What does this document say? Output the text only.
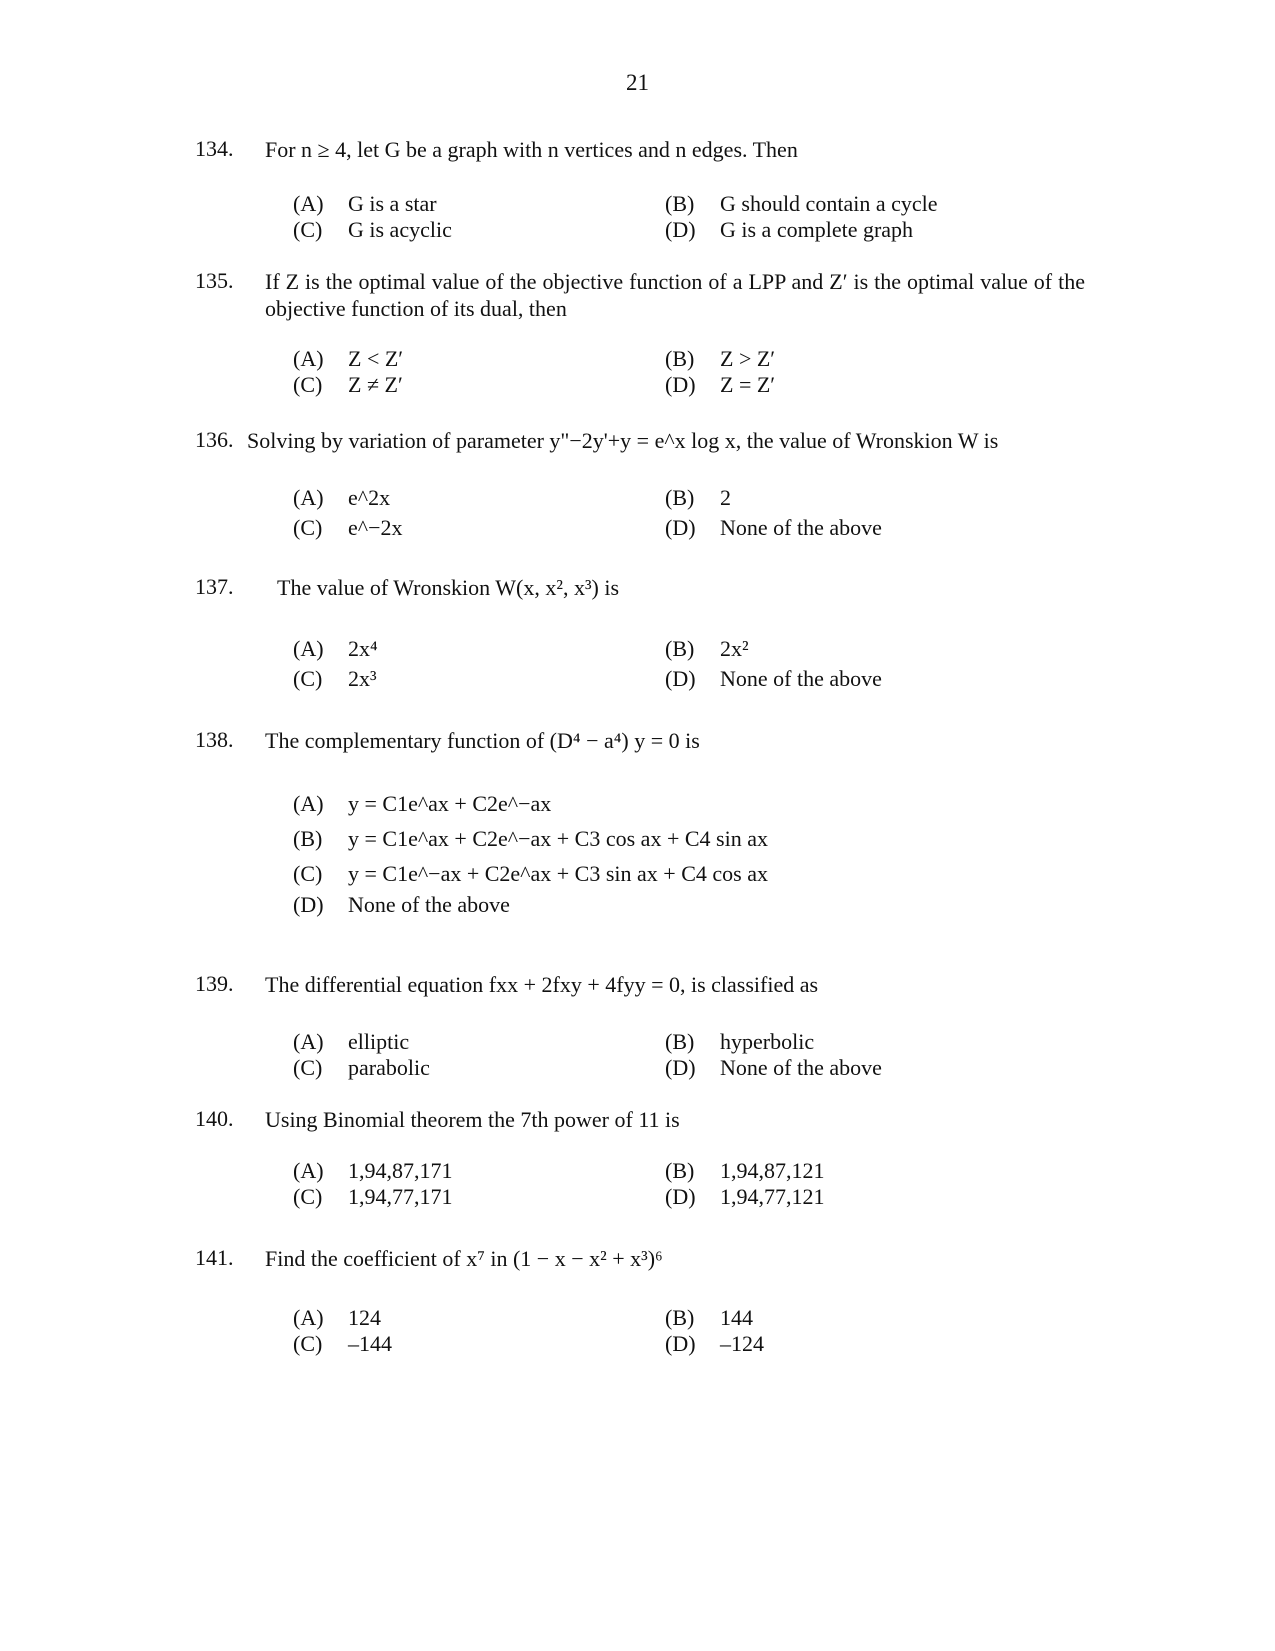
21
134. For n ≥ 4, let G be a graph with n vertices and n edges. Then
(A) G is a star	(B) G should contain a cycle
(C) G is acyclic	(D) G is a complete graph
135. If Z is the optimal value of the objective function of a LPP and Z′ is the optimal value of the objective function of its dual, then
(A) Z < Z′	(B) Z > Z′
(C) Z ≠ Z′	(D) Z = Z′
136. Solving by variation of parameter y"−2y'+y = e^x log x, the value of Wronskion W is
(A) e^2x	(B) 2
(C) e^−2x	(D) None of the above
137. The value of Wronskion W(x, x², x³) is
(A) 2x⁴	(B) 2x²
(C) 2x³	(D) None of the above
138. The complementary function of (D⁴ − a⁴) y = 0 is
(A) y = C1e^ax + C2e^−ax
(B) y = C1e^ax + C2e^−ax + C3 cos ax + C4 sin ax
(C) y = C1e^−ax + C2e^ax + C3 sin ax + C4 cos ax
(D) None of the above
139. The differential equation fxx + 2fxy + 4fyy = 0, is classified as
(A) elliptic	(B) hyperbolic
(C) parabolic	(D) None of the above
140. Using Binomial theorem the 7th power of 11 is
(A) 1,94,87,171	(B) 1,94,87,121
(C) 1,94,77,171	(D) 1,94,77,121
141. Find the coefficient of x⁷ in (1 − x − x² + x³)⁶
(A) 124	(B) 144
(C) –144	(D) –124
